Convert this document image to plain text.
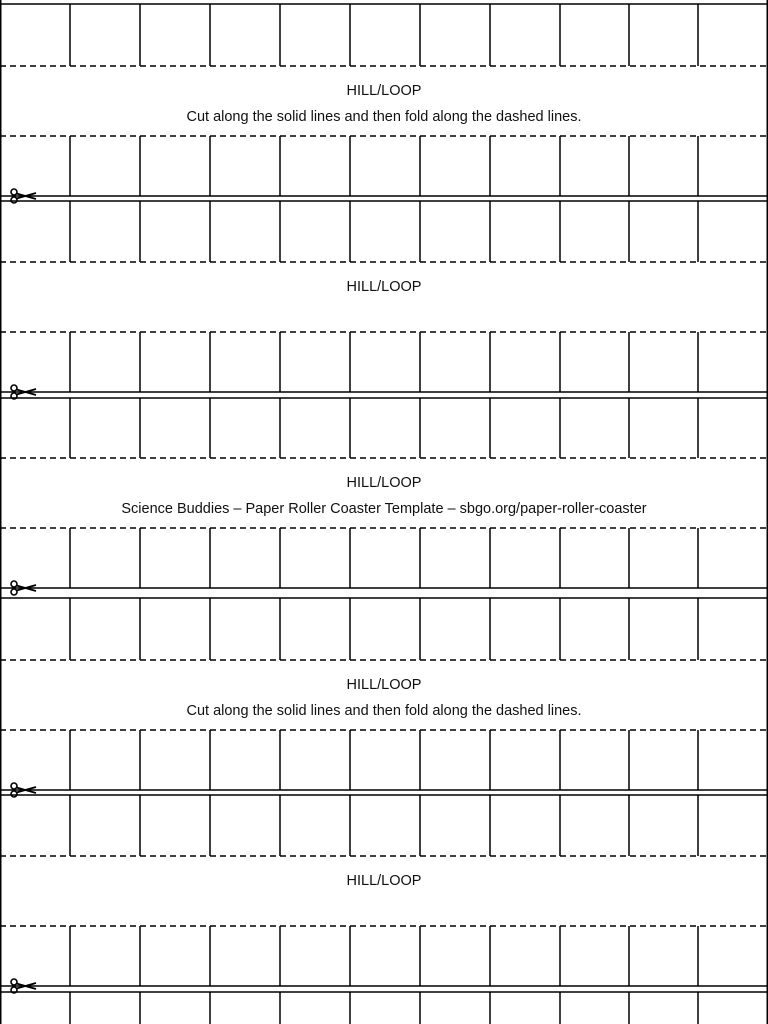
HILL/LOOP
Cut along the solid lines and then fold along the dashed lines.
HILL/LOOP
HILL/LOOP
Science Buddies – Paper Roller Coaster Template – sbgo.org/paper-roller-coaster
HILL/LOOP
Cut along the solid lines and then fold along the dashed lines.
HILL/LOOP
